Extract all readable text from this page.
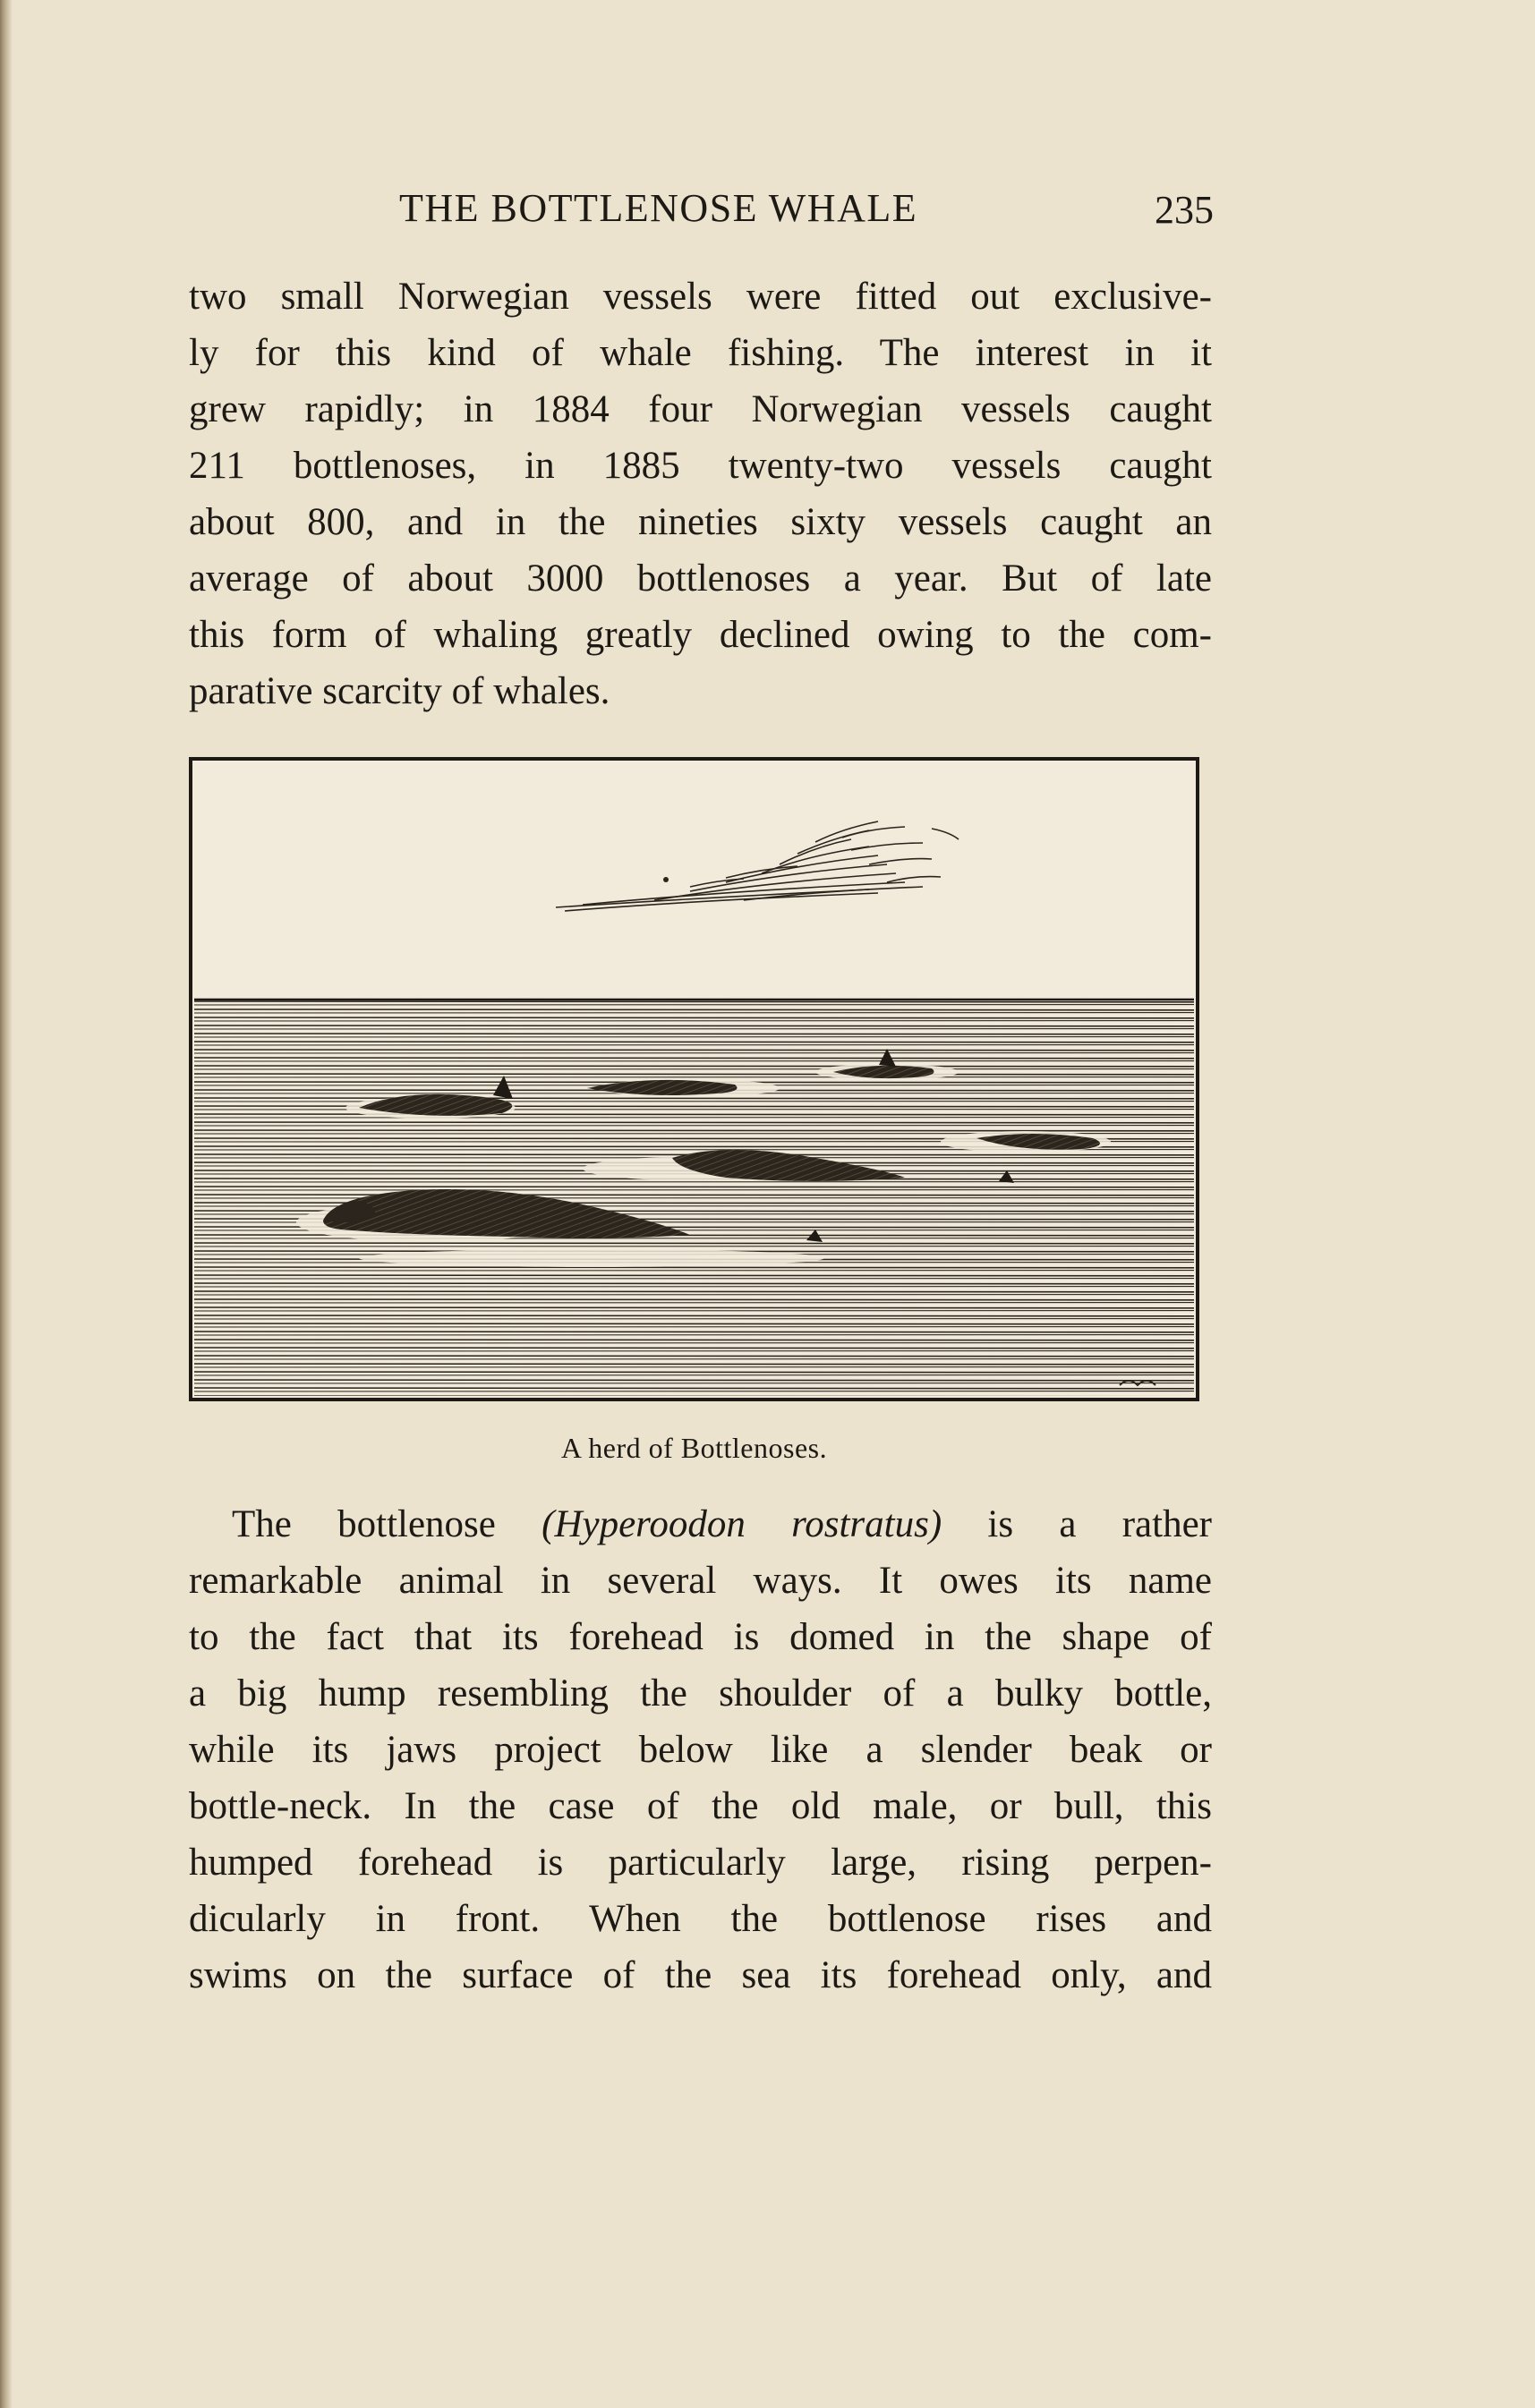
THE BOTTLENOSE WHALE	235
two small Norwegian vessels were fitted out exclusive-
ly for this kind of whale fishing. The interest in it
grew rapidly; in 1884 four Norwegian vessels caught
211 bottlenoses, in 1885 twenty-two vessels caught
about 800, and in the nineties sixty vessels caught an
average of about 3000 bottlenoses a year. But of late
this form of whaling greatly declined owing to the com-
parative scarcity of whales.
A herd of Bottlenoses.
The bottlenose (Hyperoodon rostratus) is a rather
remarkable animal in several ways. It owes its name
to the fact that its forehead is domed in the shape of
a big hump resembling the shoulder of a bulky bottle,
while its jaws project below like a slender beak or
bottle-neck. In the case of the old male, or bull, this
humped forehead is particularly large, rising perpen-
dicularly in front. When the bottlenose rises and
swims on the surface of the sea its forehead only, and
